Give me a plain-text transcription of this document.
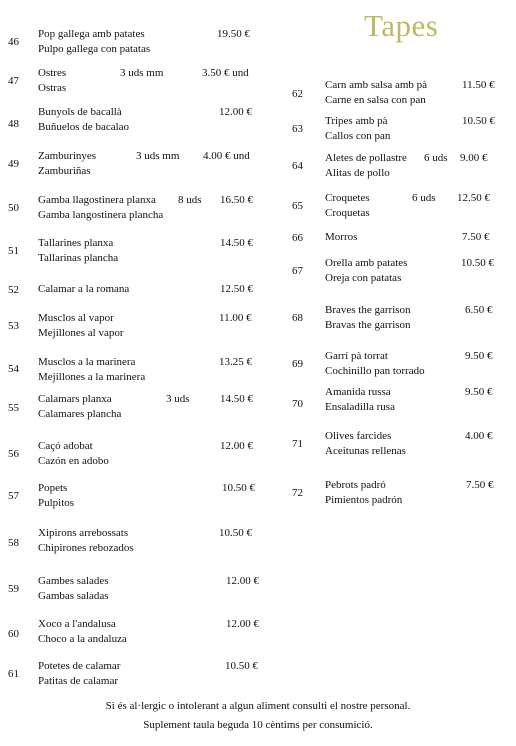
Tapes
46
Pop gallega amb patates
Pulpo gallega con patatas
19.50 €
47
Ostres
Ostras
3 uds mm	3.50 € und
48
Bunyols de bacallà
Buñuelos de bacalao
12.00 €
49
Zamburinyes
Zamburiñas
3 uds mm 4.00 € und
50
Gamba llagostinera planxa
Gamba langostinera plancha
8 uds 16.50 €
51
Tallarines planxa
Tallarinas plancha
14.50 €
52 Calamar a la romana	12.50 €
53
Musclos al vapor
Mejillones al vapor
11.00 €
54
Musclos a la marinera
Mejillones a la marinera
13.25 €
55
Calamars planxa
Calamares plancha
3 uds	14.50 €
56
Caçó adobat
Cazón en adobo
12.00 €
57
Popets
Pulpitos
10.50 €
58
Xipirons arrebossats
Chipirones rebozados
10.50 €
59
Gambes salades
Gambas saladas
12.00 €
60
Xoco a l'andalusa
Choco a la andaluza
12.00 €
61
Potetes de calamar
Patitas de calamar
10.50 €
62
Carn amb salsa amb pà
Carne en salsa con pan
11.50 €
63
Tripes amb pà
Callos con pan
10.50 €
64
Aletes de pollastre
Alitas de pollo
6 uds 9.00 €
65
Croquetes
Croquetas
6 uds 12.50 €
66 Morros	7.50 €
67
Orella amb patates
Oreja con patatas
10.50 €
68
Braves the garrison
Bravas the garrison
6.50 €
69
Garrí pà torrat
Cochinillo pan torrado
9.50 €
70
Amanida russa
Ensaladilla rusa
9.50 €
71
Olives farcides
Aceitunas rellenas
4.00 €
72
Pebrots padró
Pimientos padrón
7.50 €
Si és al·lergic o intolerant a algun aliment consulti el nostre personal.
Suplement taula beguda 10 cèntims per consumició.
